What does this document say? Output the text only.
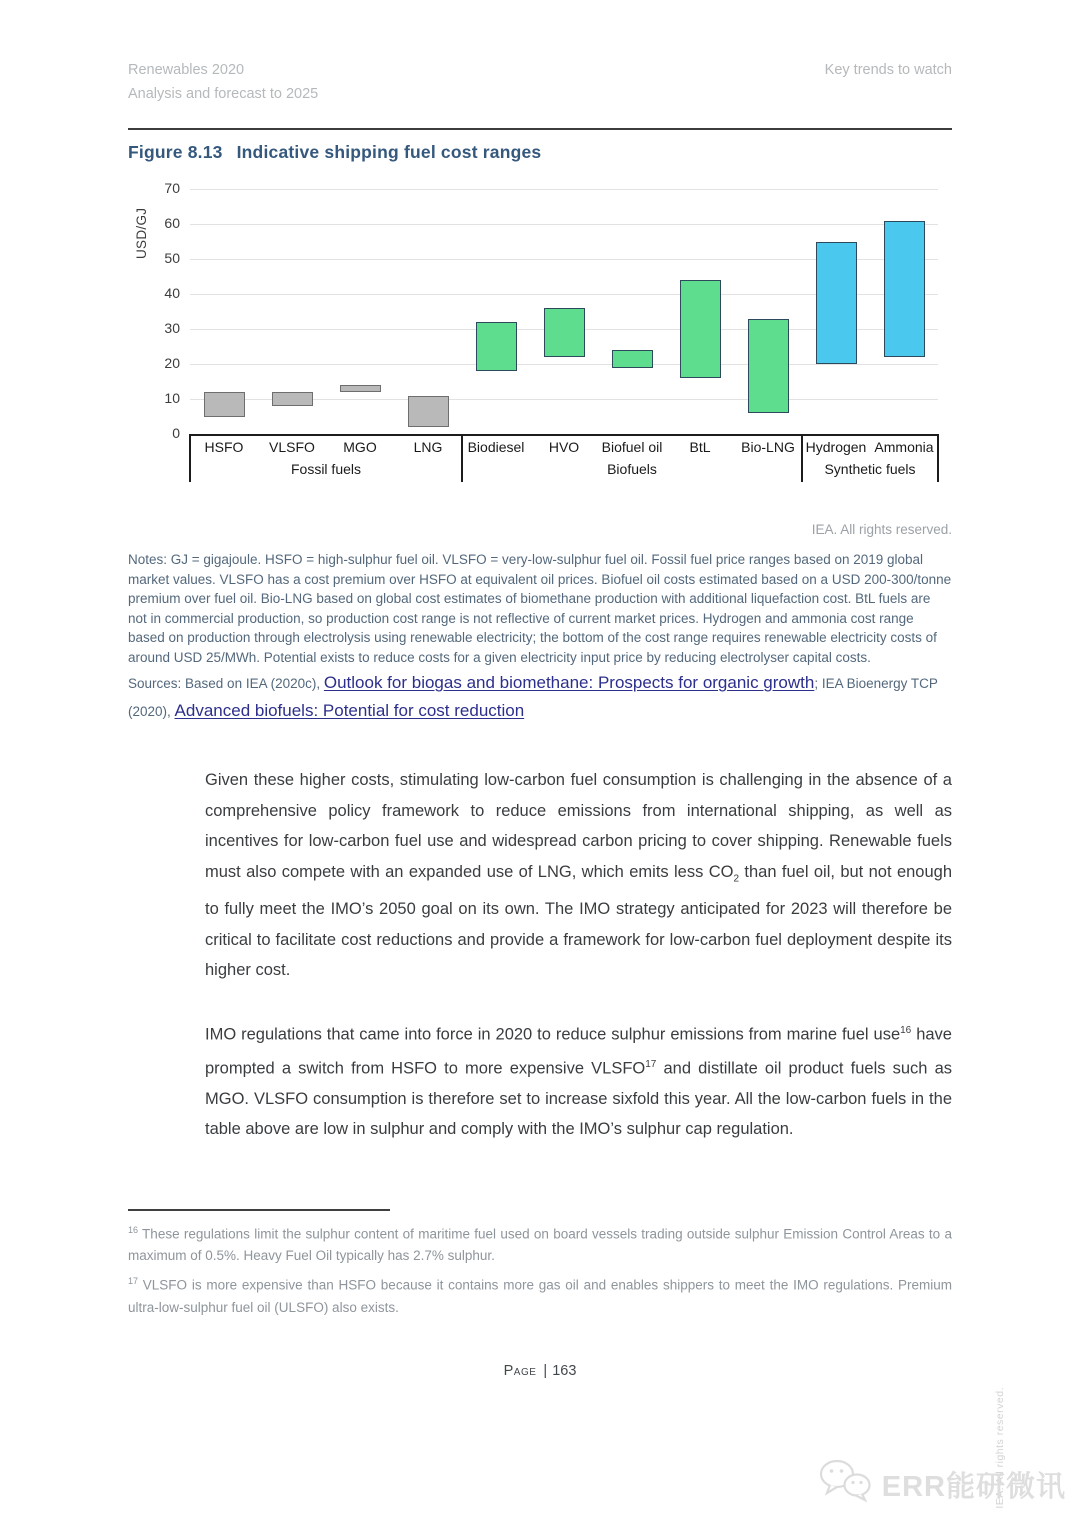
Renewables 2020
Analysis and forecast to 2025
Key trends to watch
Figure 8.13 Indicative shipping fuel cost ranges
0
10
20
30
40
50
60
70
USD/GJ
HSFO	VLSFO	MGO	LNG	Biodiesel	HVO	Biofuel oil	BtL	Bio-LNG Hydrogen Ammonia
Fossil fuels	Biofuels	Synthetic fuels
IEA. All rights reserved.
Notes: GJ = gigajoule. HSFO = high-sulphur fuel oil. VLSFO = very-low-sulphur fuel oil. Fossil fuel price ranges based on 2019 global market values. VLSFO has a cost premium over HSFO at equivalent oil prices. Biofuel oil costs estimated based on a USD 200-300/tonne premium over fuel oil. Bio-LNG based on global cost estimates of biomethane production with additional liquefaction cost. BtL fuels are not in commercial production, so production cost range is not reflective of current market prices. Hydrogen and ammonia cost range based on production through electrolysis using renewable electricity; the bottom of the cost range requires renewable electricity costs of around USD 25/MWh. Potential exists to reduce costs for a given electricity input price by reducing electrolyser capital costs.
Sources: Based on IEA (2020c), Outlook for biogas and biomethane: Prospects for organic growth; IEA Bioenergy TCP (2020), Advanced biofuels: Potential for cost reduction

Given these higher costs, stimulating low-carbon fuel consumption is challenging in the absence of a comprehensive policy framework to reduce emissions from international shipping, as well as incentives for low-carbon fuel use and widespread carbon pricing to cover shipping. Renewable fuels must also compete with an expanded use of LNG, which emits less $CO_2$ than fuel oil, but not enough to fully meet the IMO’s 2050 goal on its own. The IMO strategy anticipated for 2023 will therefore be critical to facilitate cost reductions and provide a framework for low-carbon fuel deployment despite its higher cost.

IMO regulations that came into force in 2020 to reduce sulphur emissions from marine fuel use$^{16}$ have prompted a switch from HSFO to more expensive VLSFO$^{17}$ and distillate oil product fuels such as MGO. VLSFO consumption is therefore set to increase sixfold this year. All the low-carbon fuels in the table above are low in sulphur and comply with the IMO’s sulphur cap regulation.

$^{16}$ These regulations limit the sulphur content of maritime fuel used on board vessels trading outside sulphur Emission Control Areas to a maximum of 0.5%. Heavy Fuel Oil typically has 2.7% sulphur.

$^{17}$ VLSFO is more expensive than HSFO because it contains more gas oil and enables shippers to meet the IMO regulations. Premium ultra-low-sulphur fuel oil (ULSFO) also exists.

Page | 163
IEA. All rights reserved.
ERR能研微讯
